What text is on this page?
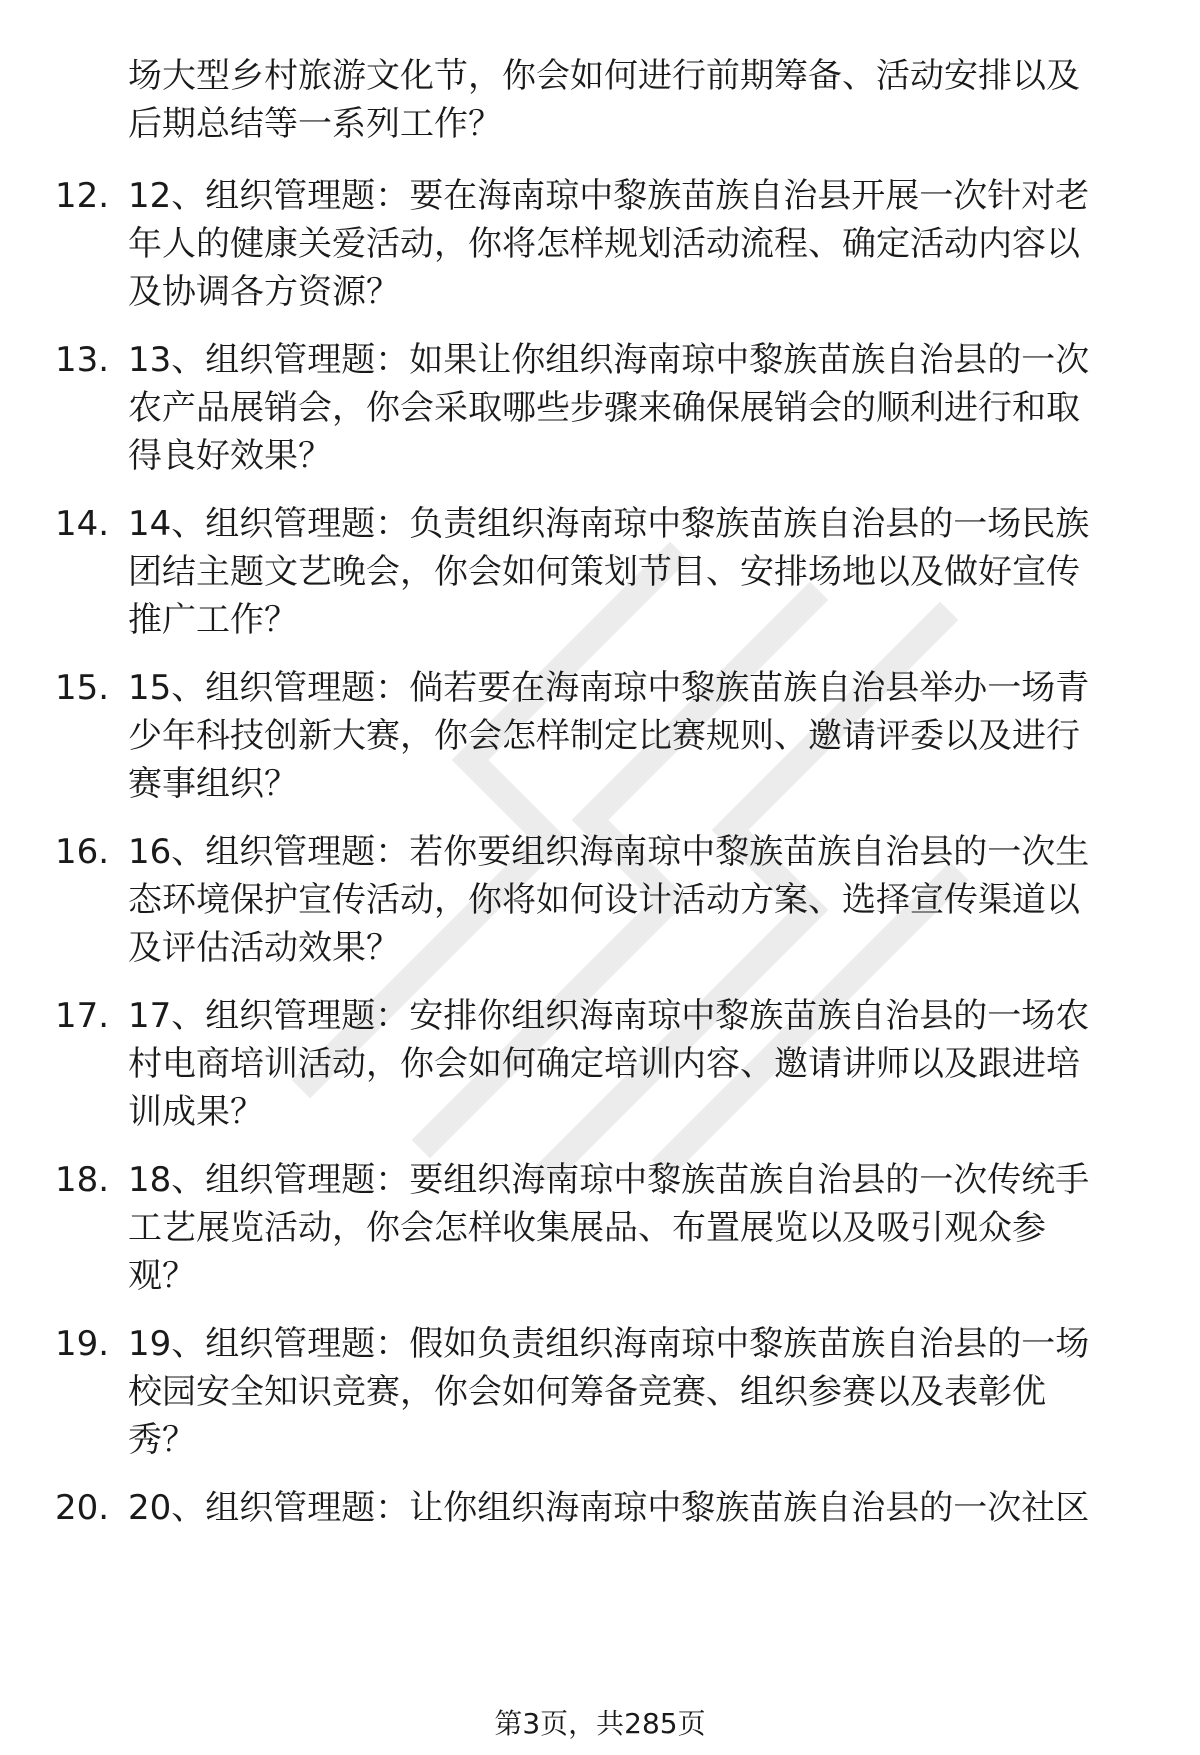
场大型乡村旅游文化节，你会如何进行前期筹备、活动安排以及
后期总结等一系列工作？
12. 12、组织管理题：要在海南琼中黎族苗族自治县开展一次针对老
年人的健康关爱活动，你将怎样规划活动流程、确定活动内容以
及协调各方资源？
13. 13、组织管理题：如果让你组织海南琼中黎族苗族自治县的一次
农产品展销会，你会采取哪些步骤来确保展销会的顺利进行和取
得良好效果？
14. 14、组织管理题：负责组织海南琼中黎族苗族自治县的一场民族
团结主题文艺晚会，你会如何策划节目、安排场地以及做好宣传
推广工作？
15. 15、组织管理题：倘若要在海南琼中黎族苗族自治县举办一场青
少年科技创新大赛，你会怎样制定比赛规则、邀请评委以及进行
赛事组织？
16. 16、组织管理题：若你要组织海南琼中黎族苗族自治县的一次生
态环境保护宣传活动，你将如何设计活动方案、选择宣传渠道以
及评估活动效果？
17. 17、组织管理题：安排你组织海南琼中黎族苗族自治县的一场农
村电商培训活动，你会如何确定培训内容、邀请讲师以及跟进培
训成果？
18. 18、组织管理题：要组织海南琼中黎族苗族自治县的一次传统手
工艺展览活动，你会怎样收集展品、布置展览以及吸引观众参
观？
19. 19、组织管理题：假如负责组织海南琼中黎族苗族自治县的一场
校园安全知识竞赛，你会如何筹备竞赛、组织参赛以及表彰优
秀？
20. 20、组织管理题：让你组织海南琼中黎族苗族自治县的一次社区
第3页，共285页
